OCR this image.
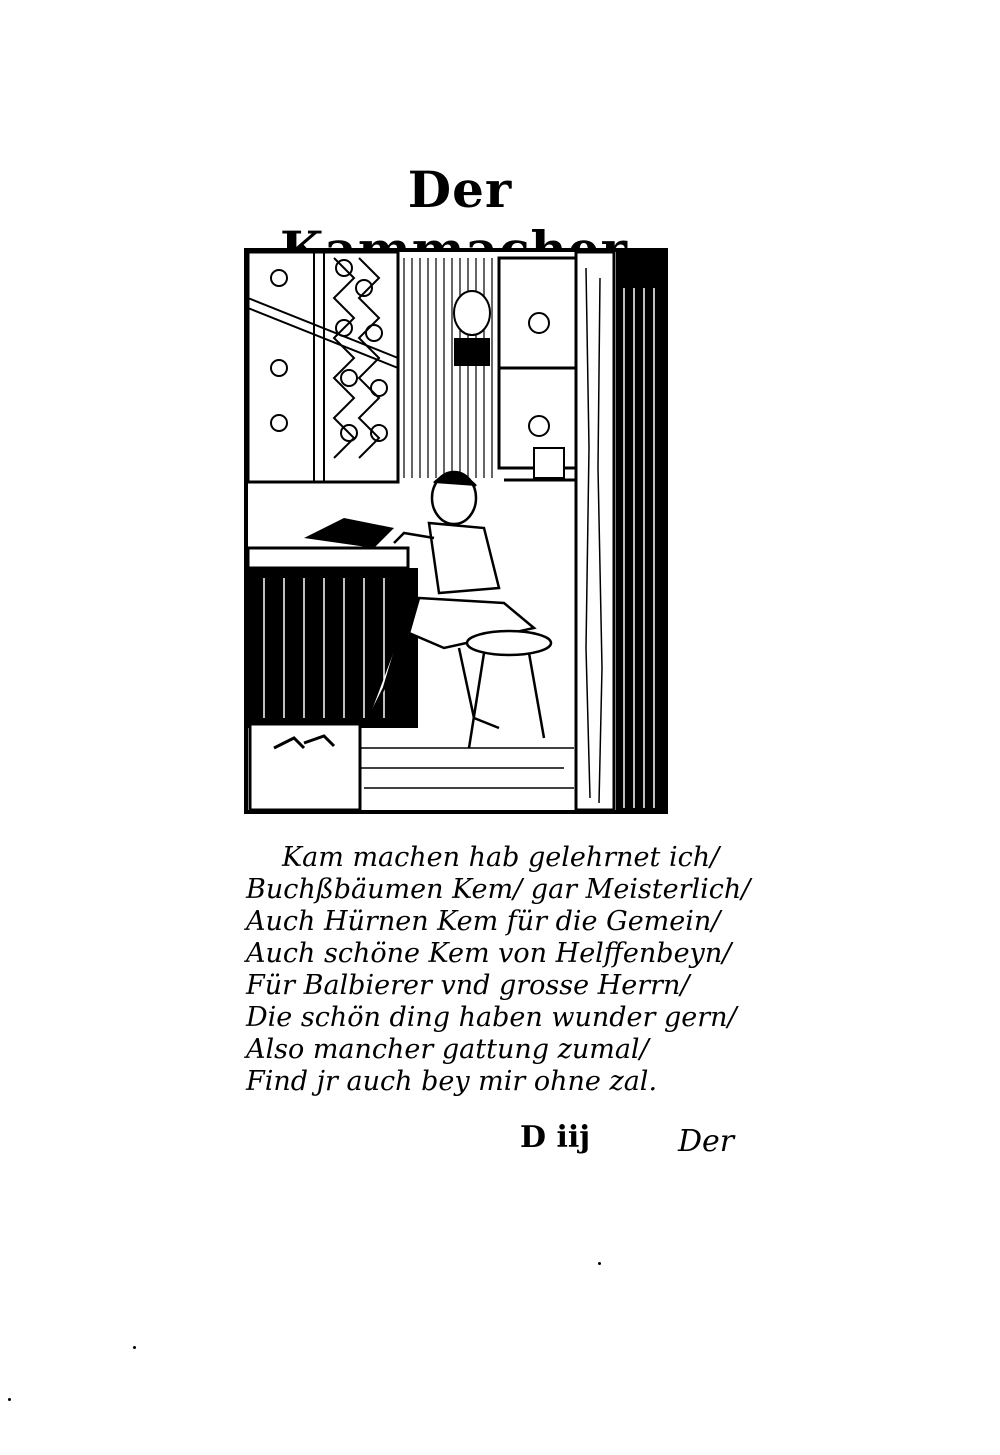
Der
Kam machen hab gelehrnet ich/
Buchßbäumen Kem/ gar Meisterlich/
Auch Hürnen Kem für die Gemein/
Auch schöne Kem von Helffenbeyn/
Für Balbierer vnd grosse Herrn/
Die schön ding haben wunder gern/
Also mancher gattung zumal/
Find jr auch bey mir ohne zal.
D iij	Der
